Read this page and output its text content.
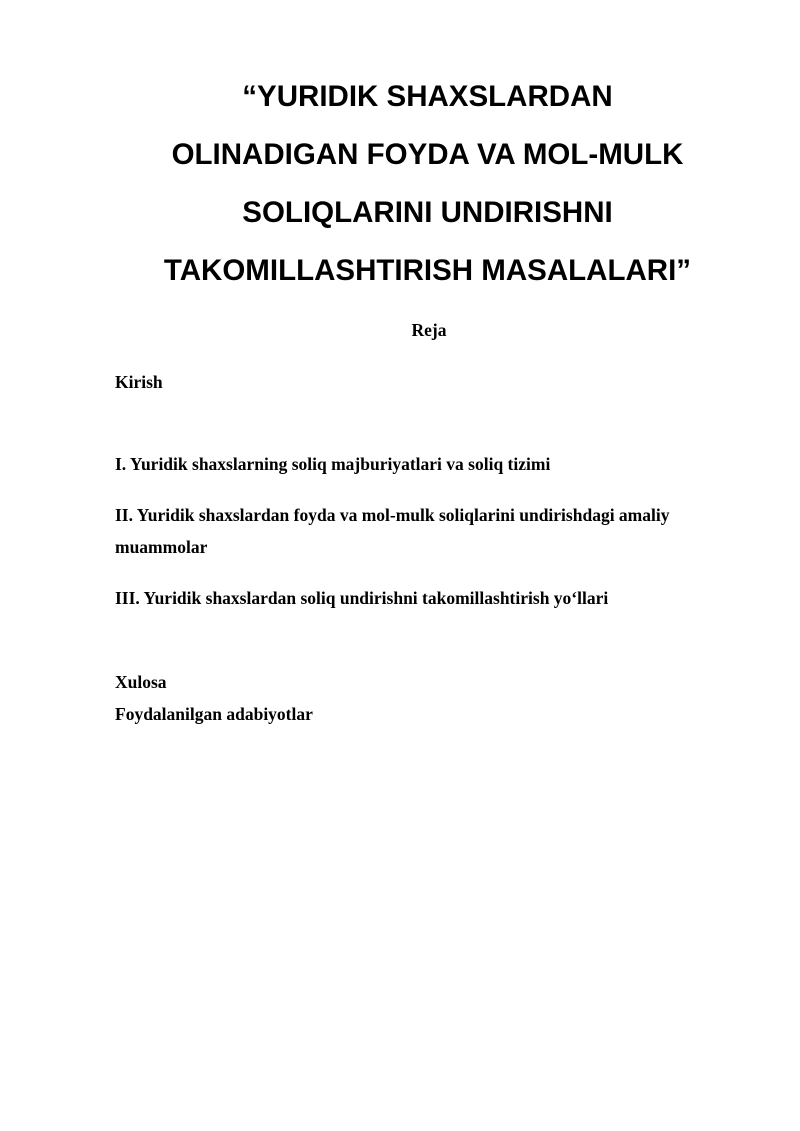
“YURIDIK SHAXSLARDAN
OLINADIGAN FOYDA VA MOL-MULK
SOLIQLARINI UNDIRISHNI
TAKOMILLASHTIRISH MASALALARI”

Reja

Kirish

I. Yuridik shaxslarning soliq majburiyatlari va soliq tizimi

II. Yuridik shaxslardan foyda va mol-mulk soliqlarini undirishdagi amaliy muammolar

III. Yuridik shaxslardan soliq undirishni takomillashtirish yo‘llari

Xulosa

Foydalanilgan adabiyotlar
